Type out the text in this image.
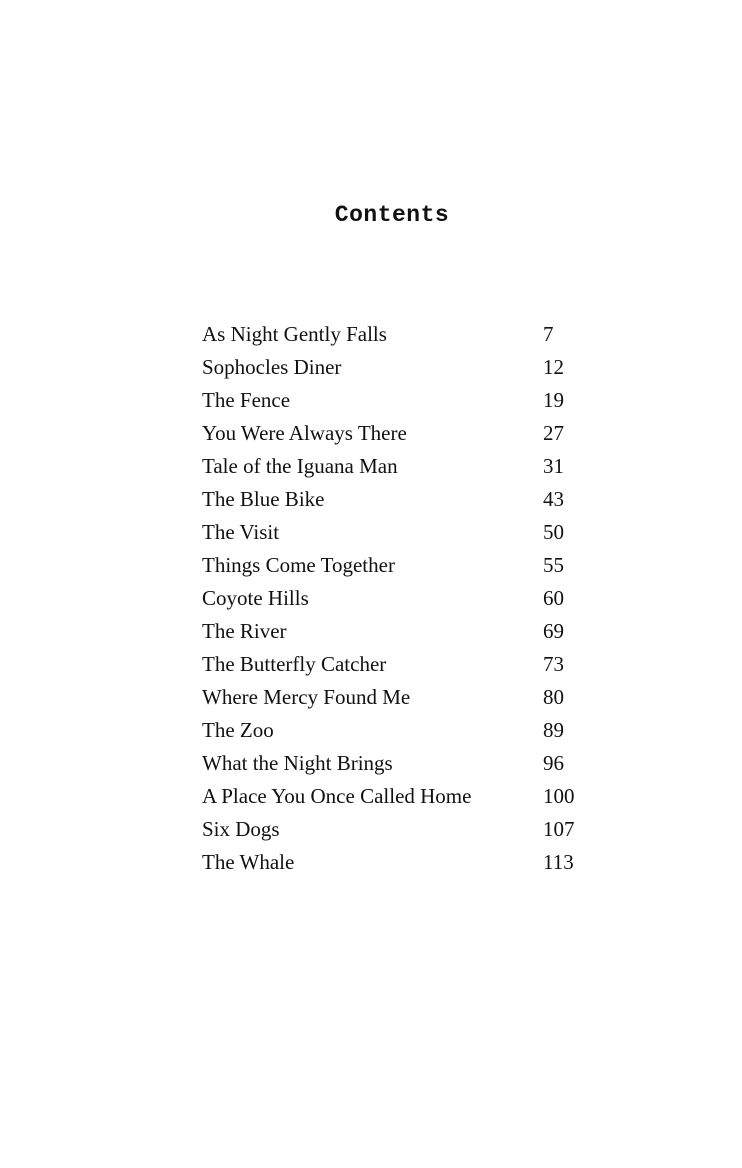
Contents
As Night Gently Falls	7
Sophocles Diner	12
The Fence	19
You Were Always There	27
Tale of the Iguana Man	31
The Blue Bike	43
The Visit	50
Things Come Together	55
Coyote Hills	60
The River	69
The Butterfly Catcher	73
Where Mercy Found Me	80
The Zoo	89
What the Night Brings	96
A Place You Once Called Home	100
Six Dogs	107
The Whale	113
